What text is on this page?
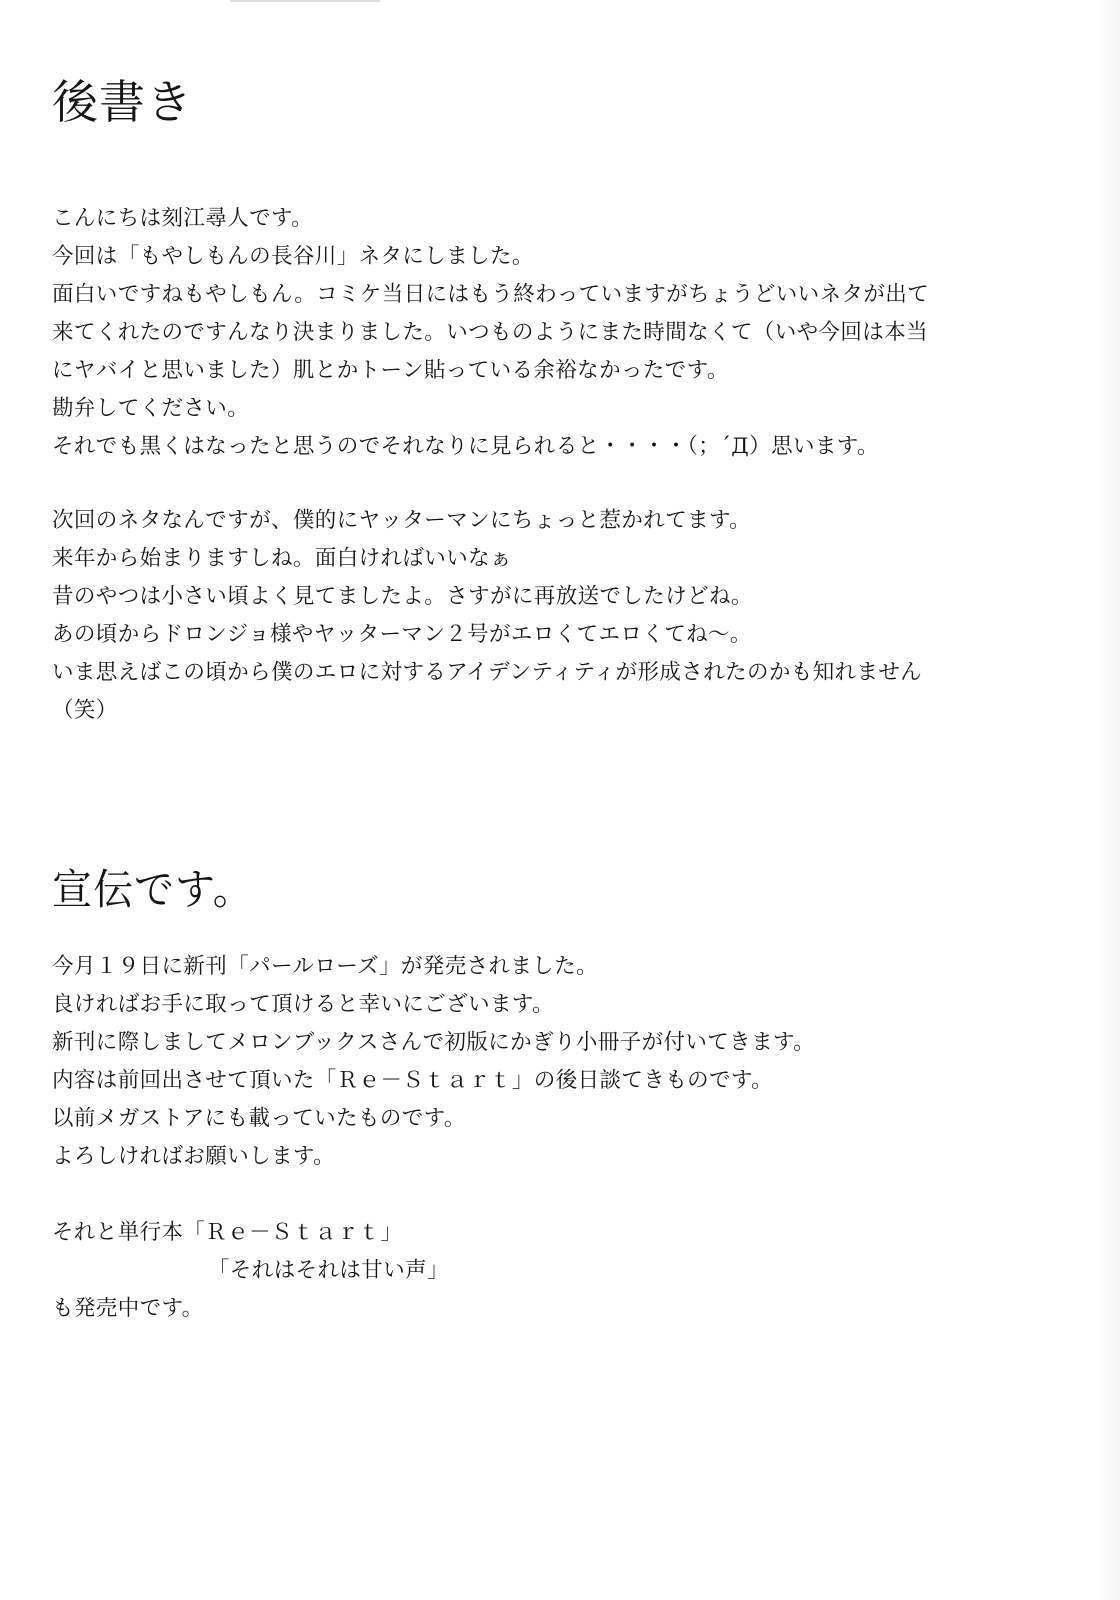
後書き
こんにちは刻江尋人です。
今回は「もやしもんの長谷川」ネタにしました。
面白いですねもやしもん。コミケ当日にはもう終わっていますがちょうどいいネタが出て
来てくれたのですんなり決まりました。いつものようにまた時間なくて（いや今回は本当
にヤバイと思いました）肌とかトーン貼っている余裕なかったです。
勘弁してください。
それでも黒くはなったと思うのでそれなりに見られると・・・・（；´Д）思います。
次回のネタなんですが、僕的にヤッターマンにちょっと惹かれてます。
来年から始まりますしね。面白ければいいなぁ
昔のやつは小さい頃よく見てましたよ。さすがに再放送でしたけどね。
あの頃からドロンジョ様やヤッターマン２号がエロくてエロくてね～。
いま思えばこの頃から僕のエロに対するアイデンティティが形成されたのかも知れません
（笑）
宣伝です。
今月１９日に新刊「パールローズ」が発売されました。
良ければお手に取って頂けると幸いにございます。
新刊に際しましてメロンブックスさんで初版にかぎり小冊子が付いてきます。
内容は前回出させて頂いた「Ｒｅ－Ｓｔａｒｔ」の後日談てきものです。
以前メガストアにも載っていたものです。
よろしければお願いします。
それと単行本「Ｒｅ－Ｓｔａｒｔ」
「それはそれは甘い声」
も発売中です。
